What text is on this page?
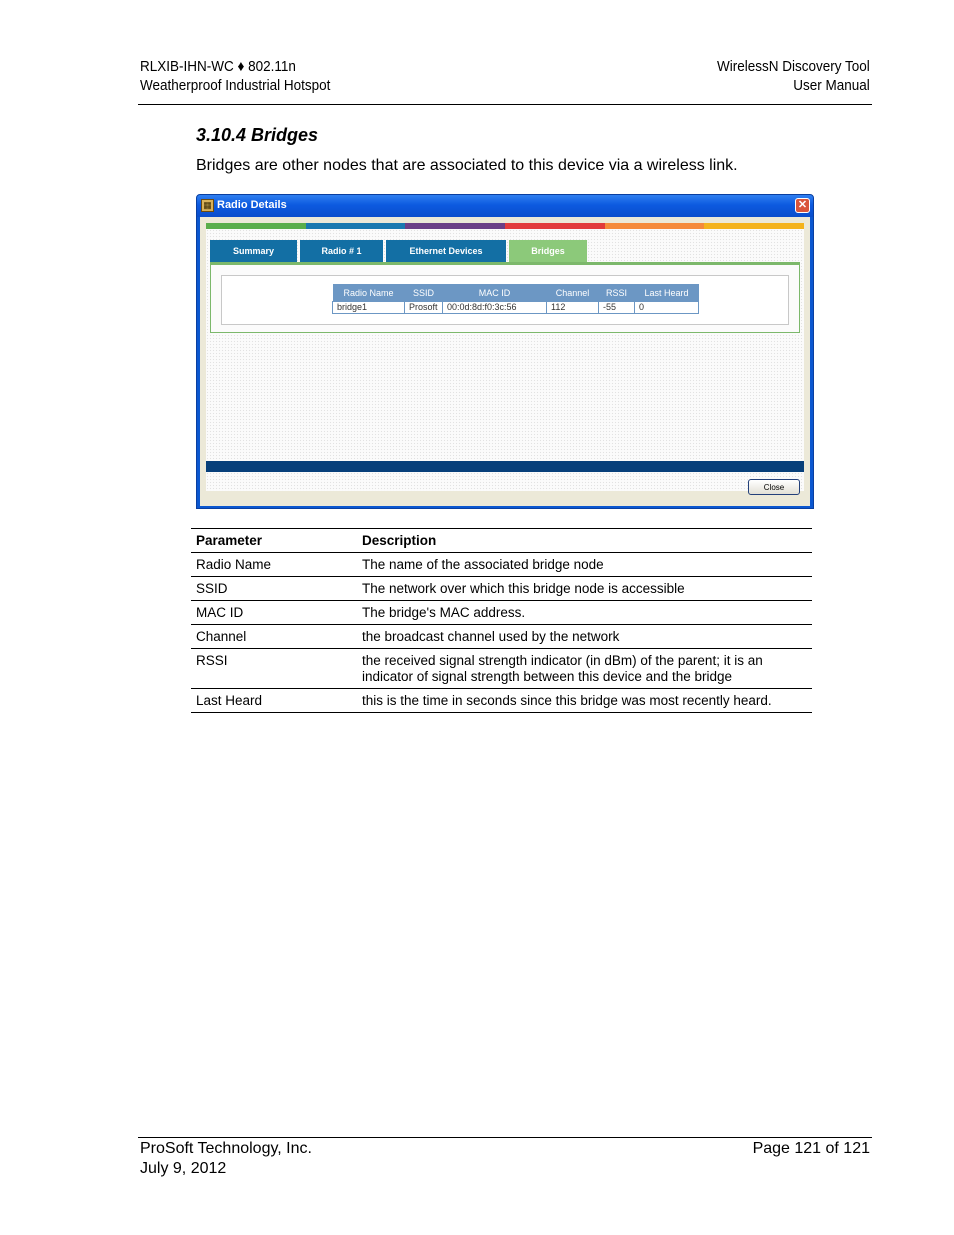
RLXIB-IHN-WC ♦ 802.11n
Weatherproof Industrial Hotspot
WirelessN Discovery Tool
User Manual
3.10.4 Bridges
Bridges are other nodes that are associated to this device via a wireless link.
▦ Radio Details	✕
Summary	Radio # 1	Ethernet Devices	Bridges
Radio Name	SSID	MAC ID	Channel	RSSI	Last Heard
bridge1	Prosoft	00:0d:8d:f0:3c:56	112	-55	0
Close
Parameter	Description
Radio Name	The name of the associated bridge node
SSID	The network over which this bridge node is accessible
MAC ID	The bridge's MAC address.
Channel	the broadcast channel used by the network
RSSI	the received signal strength indicator (in dBm) of the parent; it is an indicator of signal strength between this device and the bridge
Last Heard	this is the time in seconds since this bridge was most recently heard.
ProSoft Technology, Inc.
July 9, 2012
Page 121 of 121
